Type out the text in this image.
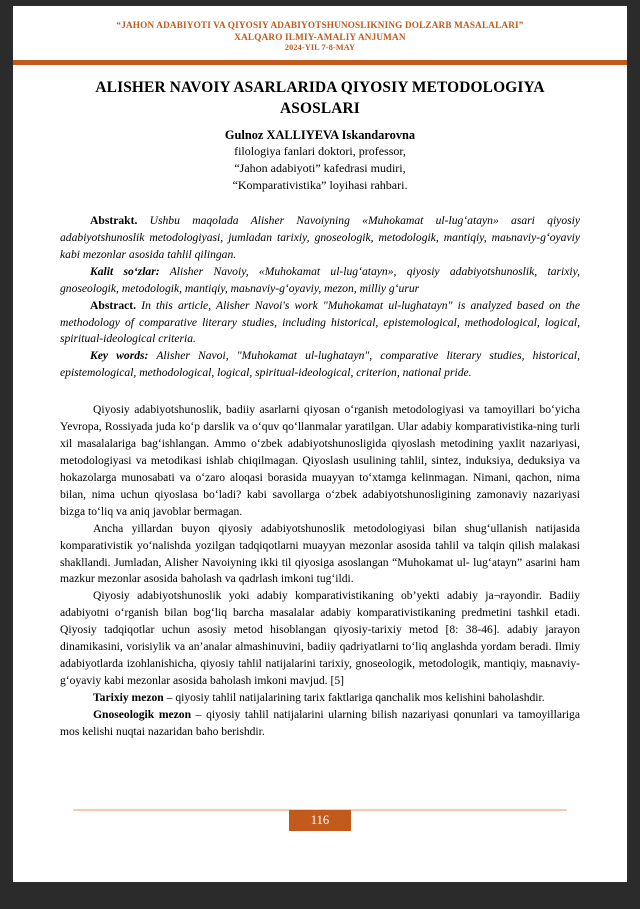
“JAHON ADABIYOTI VA QIYOSIY ADABIYOTSHUNOSLIKNING DOLZARB MASALALARI”
XALQARO ILMIY-AMALIY ANJUMAN
2024-YIL 7-8-MAY
ALISHER NAVOIY ASARLARIDA QIYOSIY METODOLOGIYA ASOSLARI
Gulnoz XALLIYEVA Iskandarovna
filologiya fanlari doktori, professor,
“Jahon adabiyoti” kafedrasi mudiri,
“Komparativistika” loyihasi rahbari.

Abstrakt. Ushbu maqolada Alisher Navoiyning «Muhokamat ul-lug‘atayn» asari qiyosiy adabiyotshunoslik metodologiyasi, jumladan tarixiy, gnoseologik, metodologik, mantiqiy, maьnaviy-g‘oyaviy kabi mezonlar asosida tahlil qilingan.

Kalit so‘zlar: Alisher Navoiy, «Muhokamat ul-lug‘atayn», qiyosiy adabiyotshunoslik, tarixiy, gnoseologik, metodologik, mantiqiy, maьnaviy-g‘oyaviy, mezon, milliy g‘urur

Abstract. In this article, Alisher Navoi's work "Muhokamat ul-lughatayn" is analyzed based on the methodology of comparative literary studies, including historical, epistemological, methodological, logical, spiritual-ideological criteria.

Key words: Alisher Navoi, "Muhokamat ul-lughatayn", comparative literary studies, historical, epistemological, methodological, logical, spiritual-ideological, criterion, national pride.

Qiyosiy adabiyotshunoslik, badiiy asarlarni qiyosan o‘rganish metodologiyasi va tamoyillari bo‘yicha Yevropa, Rossiyada juda ko‘p darslik va o‘quv qo‘llanmalar yaratilgan. Ular adabiy komparativistika-ning turli xil masalalariga bag‘ishlangan. Ammo o‘zbek adabiyotshunosligida qiyoslash metodining yaxlit nazariyasi, metodologiyasi va metodikasi ishlab chiqilmagan. Qiyoslash usulining tahlil, sintez, induksiya, deduksiya va hokazolarga munosabati va o‘zaro aloqasi borasida muayyan to‘xtamga kelinmagan. Nimani, qachon, nima bilan, nima uchun qiyoslasa bo‘ladi? kabi savollarga o‘zbek adabiyotshunosligining zamonaviy nazariyasi bizga to‘liq va aniq javoblar bermagan.

Ancha yillardan buyon qiyosiy adabiyotshunoslik metodologiyasi bilan shug‘ullanish natijasida komparativistik yo‘nalishda yozilgan tadqiqotlarni muayyan mezonlar asosida tahlil va talqin qilish malakasi shakllandi. Jumladan, Alisher Navoiyning ikki til qiyosiga asoslangan “Muhokamat ul- lug‘atayn” asarini ham mazkur mezonlar asosida baholash va qadrlash imkoni tug‘ildi.

Qiyosiy adabiyotshunoslik yoki adabiy komparativistikaning ob’yekti adabiy ja¬rayondir. Badiiy adabiyotni o‘rganish bilan bog‘liq barcha masalalar adabiy komparativistikaning predmetini tashkil etadi. Qiyosiy tadqiqotlar uchun asosiy metod hisoblangan qiyosiy-tarixiy metod [8: 38-46]. adabiy jarayon dinamikasini, vorisiylik va an’analar almashinuvini, badiiy qadriyatlarni to‘liq anglashda yordam beradi. Ilmiy adabiyotlarda izohlanishicha, qiyosiy tahlil natijalarini tarixiy, gnoseologik, metodologik, mantiqiy, maьnaviy-g‘oyaviy kabi mezonlar asosida baholash imkoni mavjud. [5]

Tarixiy mezon – qiyosiy tahlil natijalarining tarix faktlariga qanchalik mos kelishini baholashdir.

Gnoseologik mezon – qiyosiy tahlil natijalarini ularning bilish nazariyasi qonunlari va tamoyillariga mos kelishi nuqtai nazaridan baho berishdir.

116
